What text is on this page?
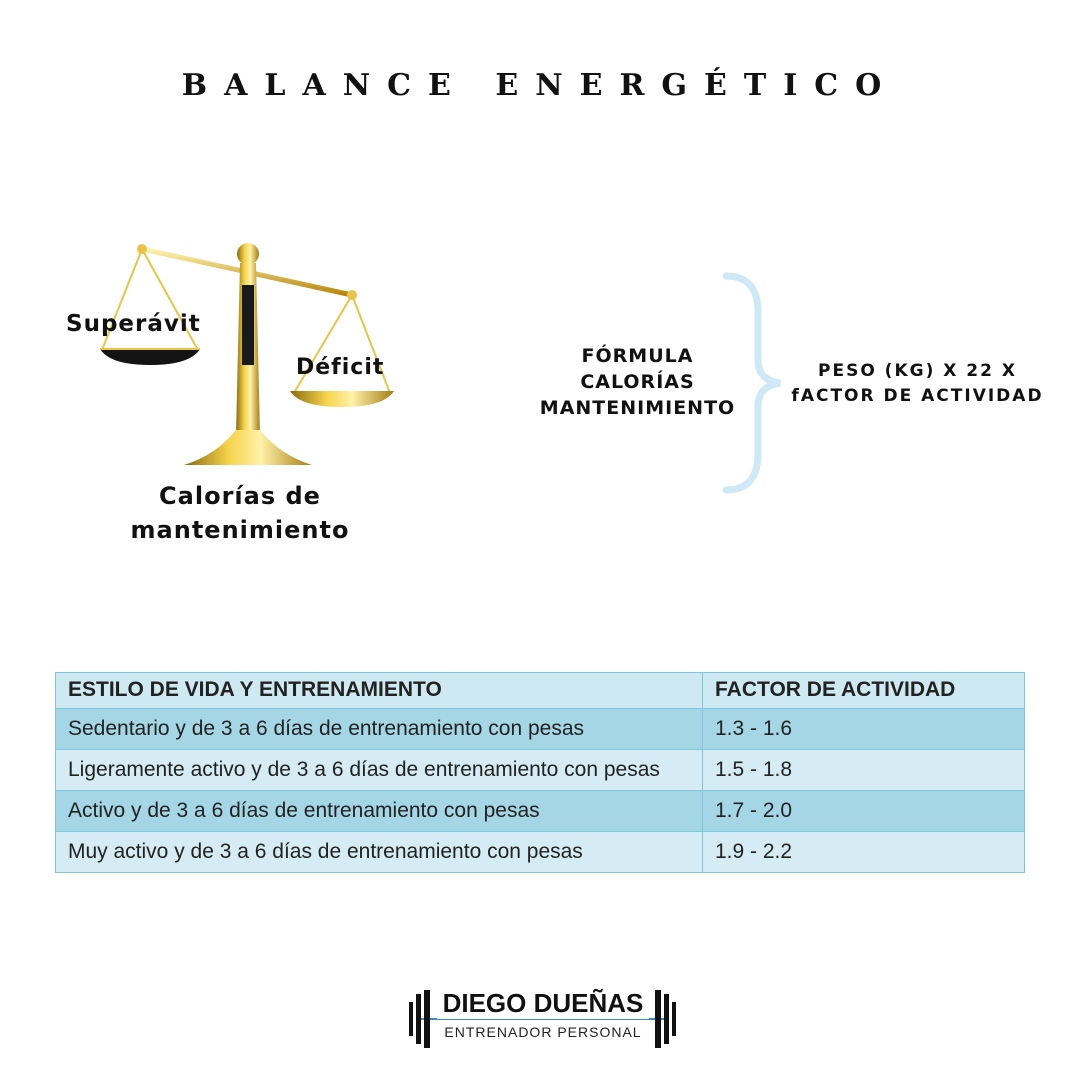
BALANCE ENERGÉTICO
Superávit
Déficit
Calorías de mantenimiento
FÓRMULA CALORÍAS MANTENIMIENTO
PESO (KG) X 22 X fACTOR DE ACTIVIDAD
ESTILO DE VIDA Y ENTRENAMIENTO	FACTOR DE ACTIVIDAD
Sedentario y de 3 a 6 días de entrenamiento con pesas	1.3 - 1.6
Ligeramente activo y de 3 a 6 días de entrenamiento con pesas	1.5 - 1.8
Activo y de 3 a 6 días de entrenamiento con pesas	1.7 - 2.0
Muy activo y de 3 a 6 días de entrenamiento con pesas	1.9 - 2.2
DIEGO DUEÑAS
ENTRENADOR PERSONAL
